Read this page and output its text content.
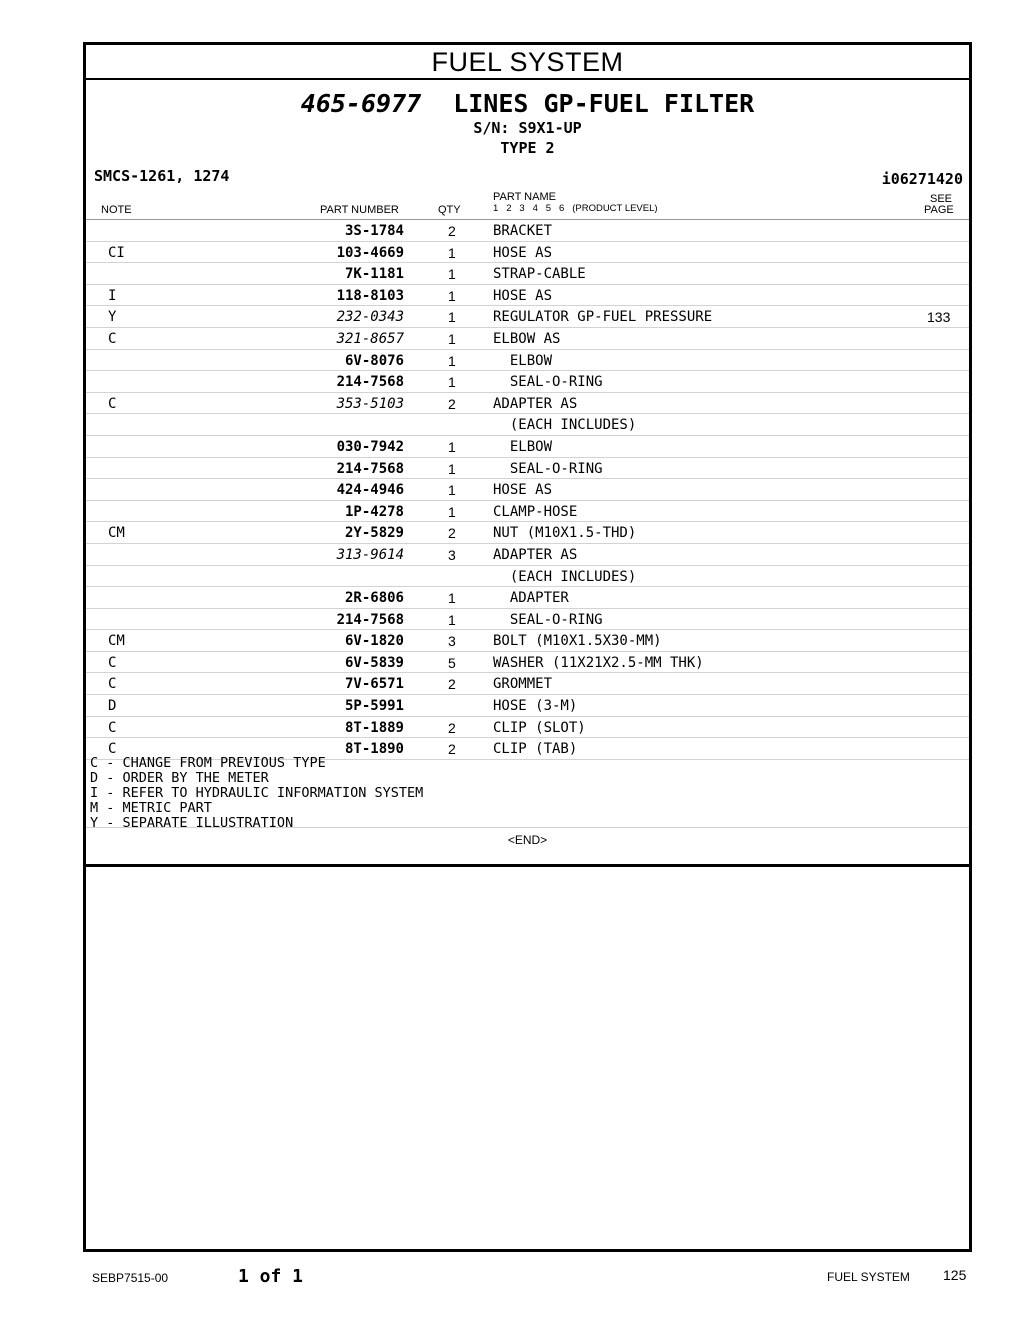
FUEL SYSTEM
465-6977 LINES GP-FUEL FILTER
S/N: S9X1-UP
TYPE 2
SMCS-1261, 1274	i06271420
NOTE	PART NUMBER	QTY
PART NAME
1   2   3   4   5   6   (PRODUCT LEVEL)
SEE
PAGE
3S-1784	2	BRACKET
CI	103-4669	1	HOSE AS
7K-1181	1	STRAP-CABLE
I	118-8103	1	HOSE AS
Y	232-0343	1	REGULATOR GP-FUEL PRESSURE	133
C	321-8657	1	ELBOW AS
6V-8076	1	ELBOW
214-7568	1	SEAL-O-RING
C	353-5103	2	ADAPTER AS
(EACH INCLUDES)
030-7942	1	ELBOW
214-7568	1	SEAL-O-RING
424-4946	1	HOSE AS
1P-4278	1	CLAMP-HOSE
CM	2Y-5829	2	NUT (M10X1.5-THD)
313-9614	3	ADAPTER AS
(EACH INCLUDES)
2R-6806	1	ADAPTER
214-7568	1	SEAL-O-RING
CM	6V-1820	3	BOLT (M10X1.5X30-MM)
C	6V-5839	5	WASHER (11X21X2.5-MM THK)
C	7V-6571	2	GROMMET
D	5P-5991	HOSE (3-M)
C	8T-1889	2	CLIP (SLOT)
C	8T-1890	2	CLIP (TAB)
C - CHANGE FROM PREVIOUS TYPE
D - ORDER BY THE METER
I - REFER TO HYDRAULIC INFORMATION SYSTEM
M - METRIC PART
Y - SEPARATE ILLUSTRATION
<END>
SEBP7515-00	1 of 1	FUEL SYSTEM 125
